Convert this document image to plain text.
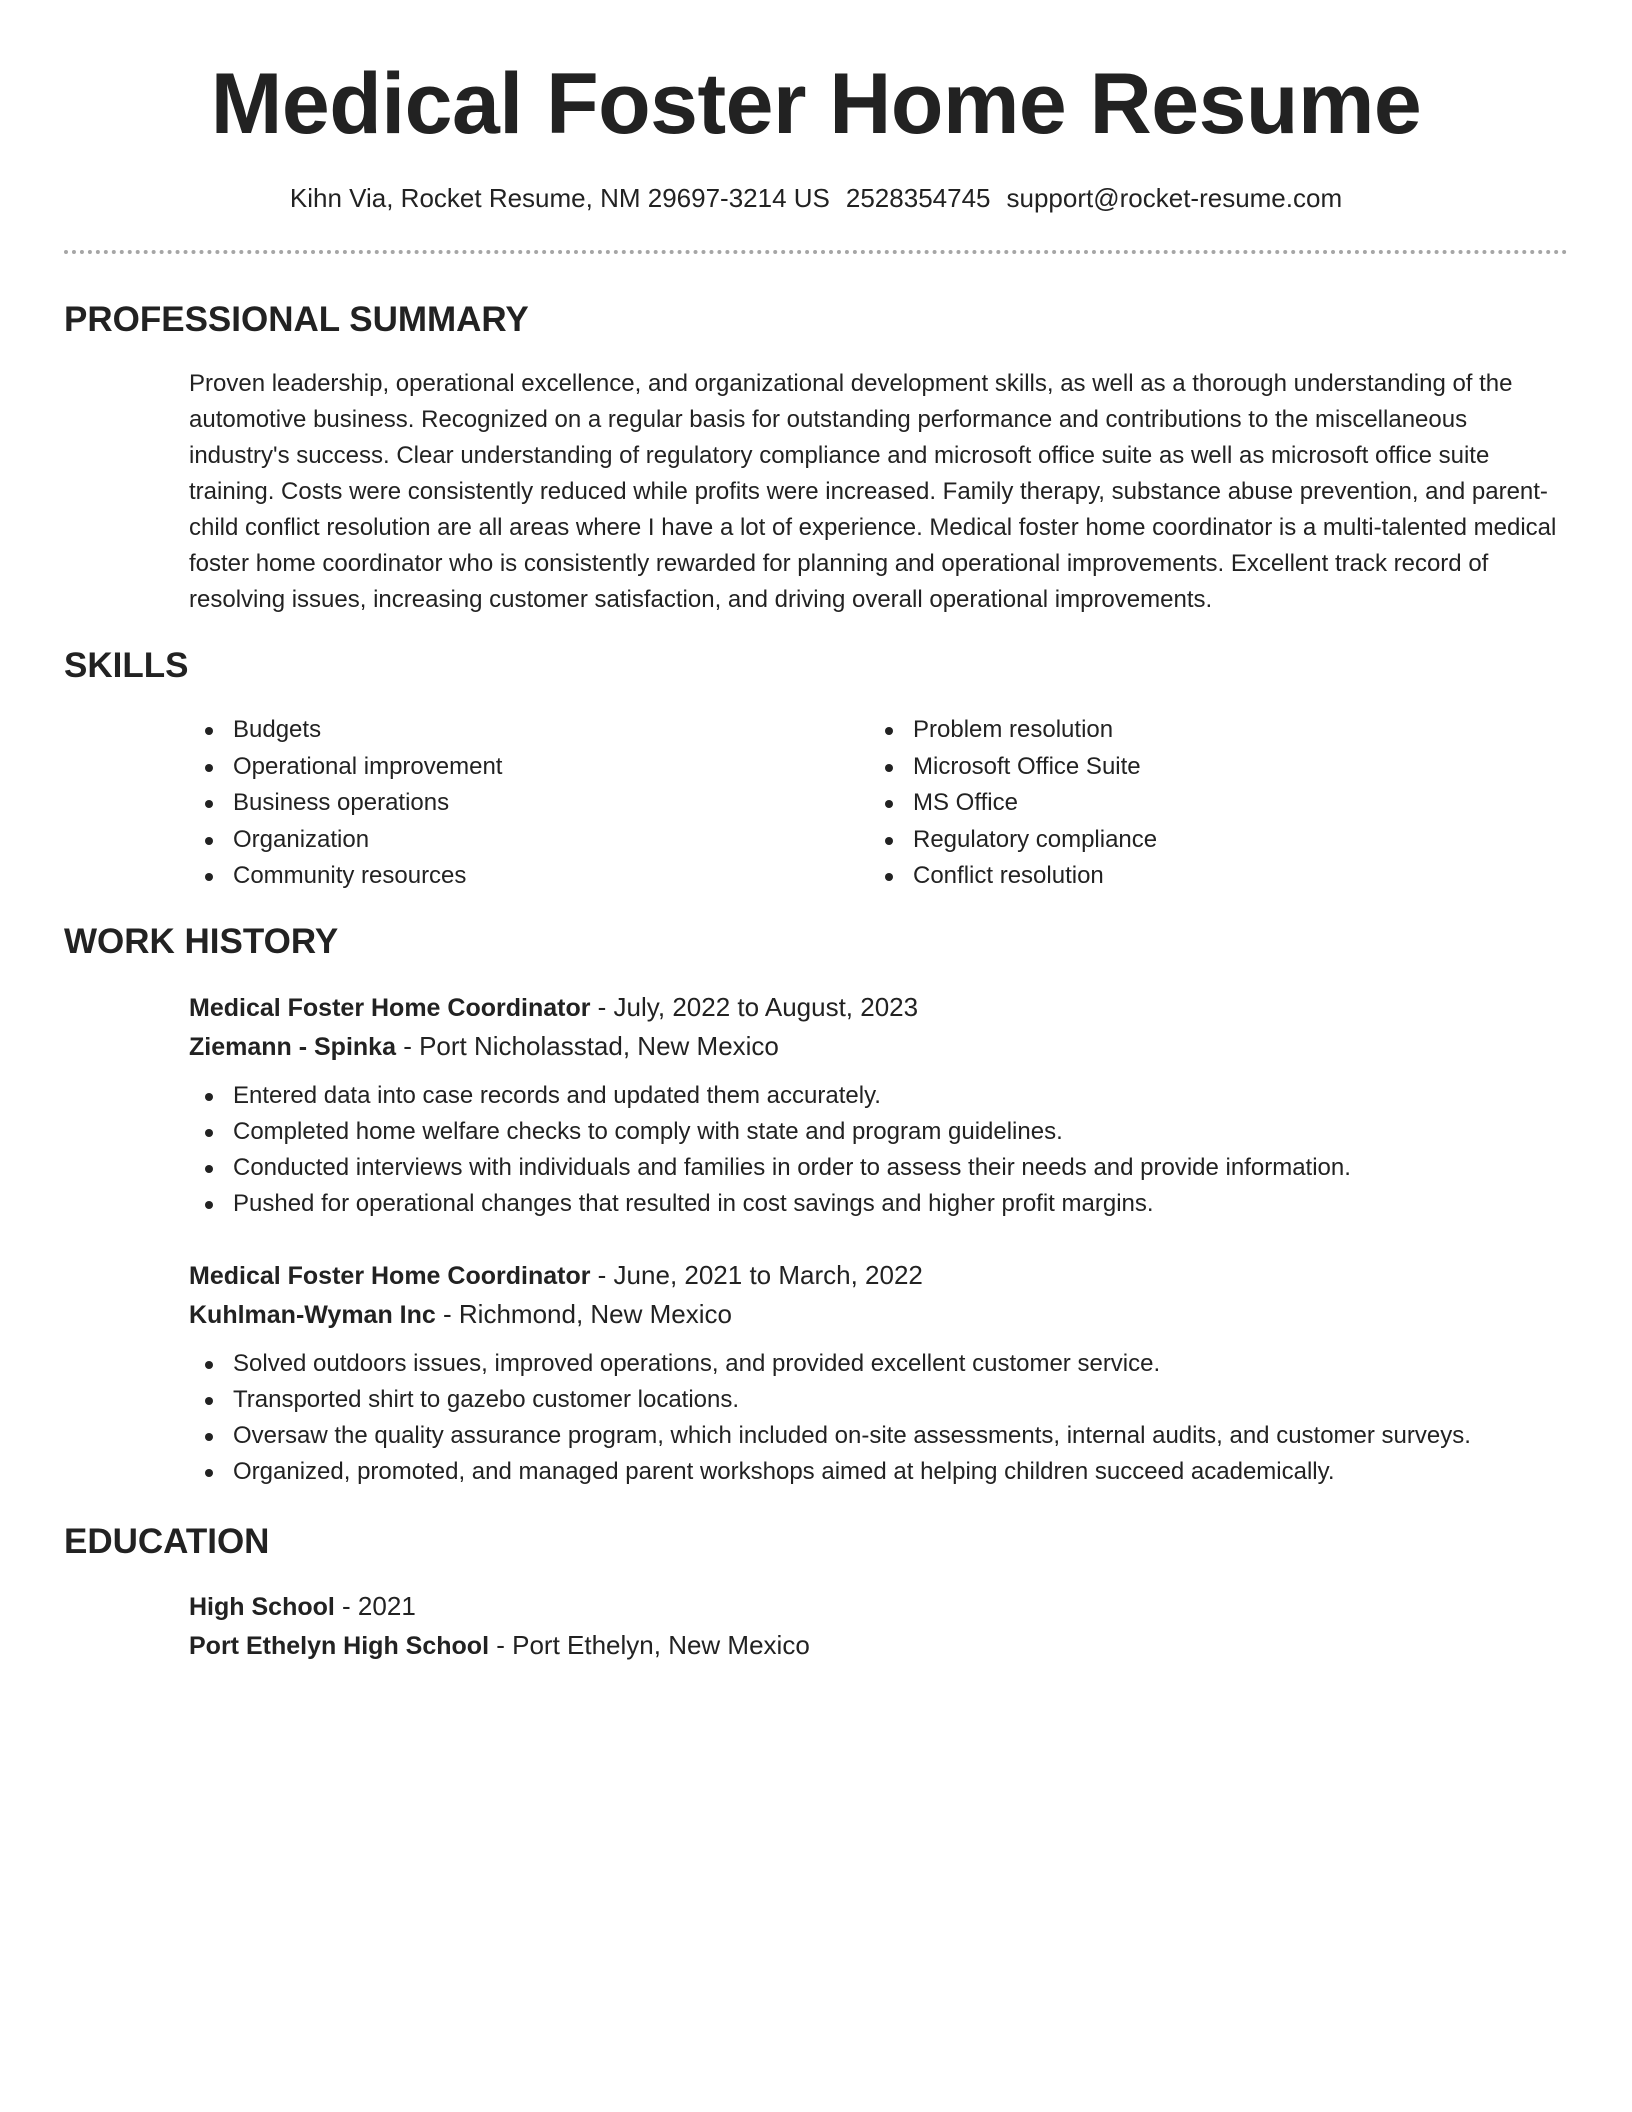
Medical Foster Home Resume
Kihn Via, Rocket Resume, NM 29697-3214 US 2528354745 support@rocket-resume.com
PROFESSIONAL SUMMARY

Proven leadership, operational excellence, and organizational development skills, as well as a thorough understanding of the automotive business. Recognized on a regular basis for outstanding performance and contributions to the miscellaneous industry's success. Clear understanding of regulatory compliance and microsoft office suite as well as microsoft office suite training. Costs were consistently reduced while profits were increased. Family therapy, substance abuse prevention, and parent-child conflict resolution are all areas where I have a lot of experience. Medical foster home coordinator is a multi-talented medical foster home coordinator who is consistently rewarded for planning and operational improvements. Excellent track record of resolving issues, increasing customer satisfaction, and driving overall operational improvements.

SKILLS
Budgets
Operational improvement
Business operations
Organization
Community resources
Problem resolution
Microsoft Office Suite
MS Office
Regulatory compliance
Conflict resolution
WORK HISTORY
Medical Foster Home Coordinator - July, 2022 to August, 2023
Ziemann - Spinka - Port Nicholasstad, New Mexico
Entered data into case records and updated them accurately.
Completed home welfare checks to comply with state and program guidelines.
Conducted interviews with individuals and families in order to assess their needs and provide information.
Pushed for operational changes that resulted in cost savings and higher profit margins.
Medical Foster Home Coordinator - June, 2021 to March, 2022
Kuhlman-Wyman Inc - Richmond, New Mexico
Solved outdoors issues, improved operations, and provided excellent customer service.
Transported shirt to gazebo customer locations.
Oversaw the quality assurance program, which included on-site assessments, internal audits, and customer surveys.
Organized, promoted, and managed parent workshops aimed at helping children succeed academically.
EDUCATION
High School - 2021
Port Ethelyn High School - Port Ethelyn, New Mexico
